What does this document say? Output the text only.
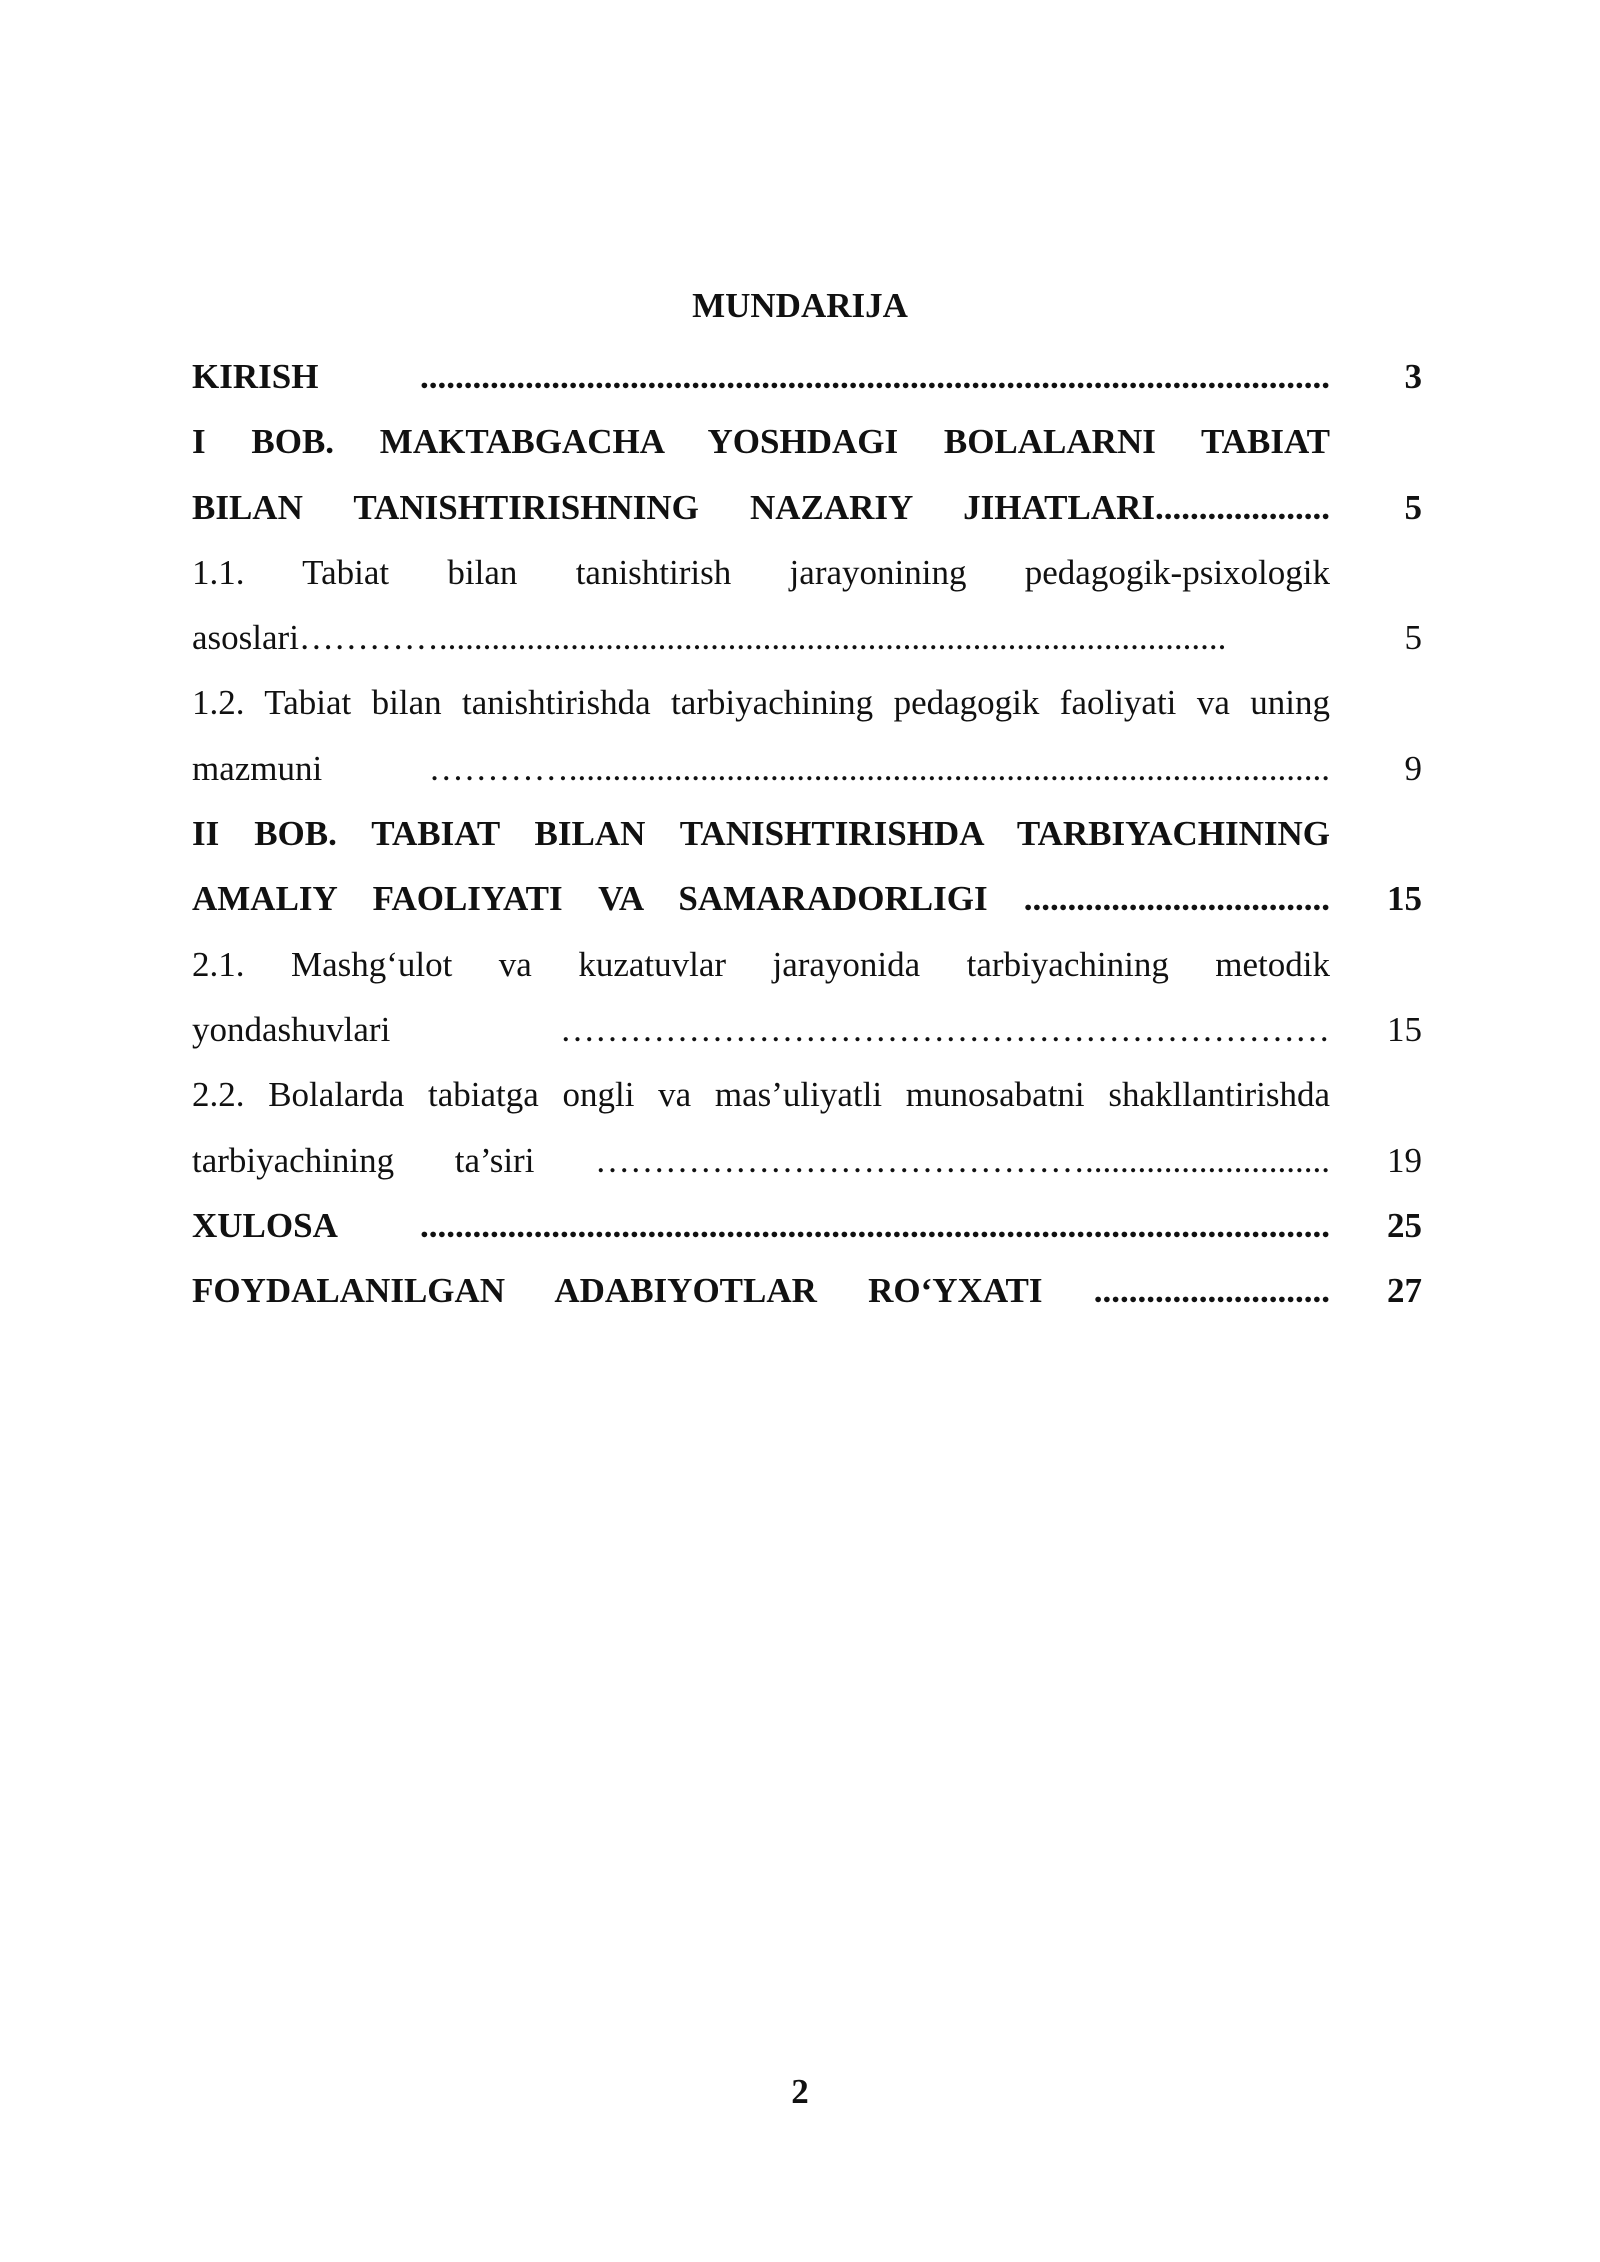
MUNDARIJA
KIRISH ........................................................................................................	3
I BOB. MAKTABGACHA YOSHDAGI BOLALARNI TABIAT
BILAN TANISHTIRISHNING NAZARIY JIHATLARI....................	5
1.1. Tabiat bilan tanishtirish jarayonining pedagogik-psixologik
asoslari…………..........................................................................................	5
1.2. Tabiat bilan tanishtirishda tarbiyachining pedagogik faoliyati va uning
mazmuni ………….......................................................................................	9
II BOB. TABIAT BILAN TANISHTIRISHDA TARBIYACHINING
AMALIY FAOLIYATI VA SAMARADORLIGI ...................................	15
2.1. Mashg‘ulot va kuzatuvlar jarayonida tarbiyachining metodik
yondashuvlari …………………………………………………………	15
2.2. Bolalarda tabiatga ongli va mas’uliyatli munosabatni shakllantirishda
tarbiyachining ta’siri ……………………………………............................	19
XULOSA ........................................................................................................	25
FOYDALANILGAN ADABIYOTLAR RO‘YXATI ...........................	27
2
